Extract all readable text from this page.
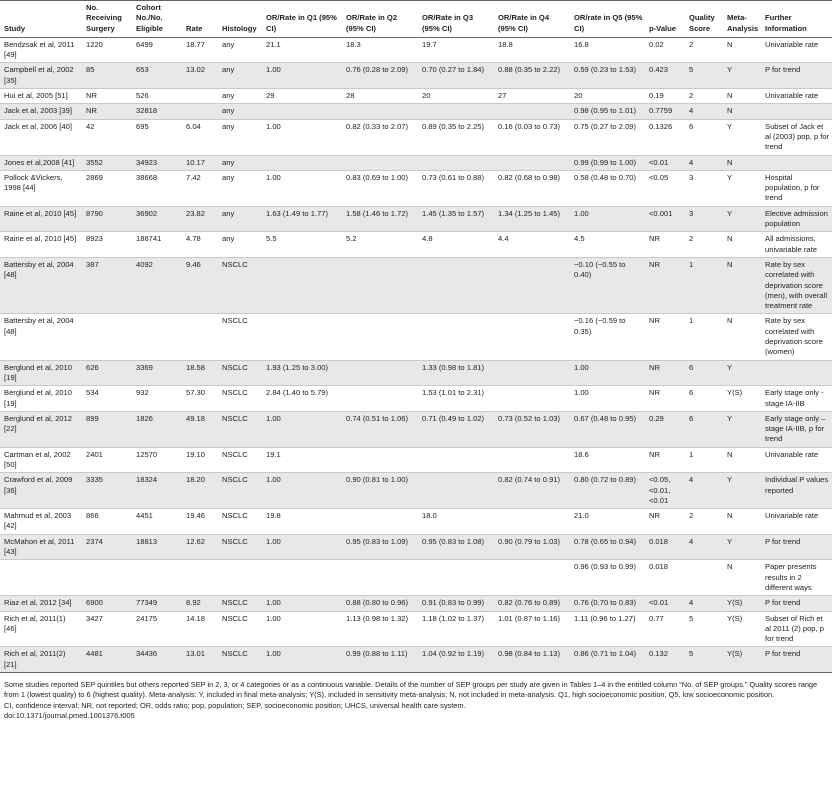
Study	No. Receiving Surgery	Cohort No./No. Eligible	Rate	Histology	OR/Rate in Q1 (95% CI)	OR/Rate in Q2 (95% CI)	OR/Rate in Q3 (95% CI)	OR/Rate in Q4 (95% CI)	OR/rate in Q5 (95% CI)	p-Value	Quality Score	Meta-Analysis	Further Information
Bendzsak et al, 2011 [49]	1220	6499	18.77	any	21.1	18.3	19.7	18.8	16.8	0.02	2	N	Univariable rate
Campbell et al, 2002 [35]	85	653	13.02	any	1.00	0.76 (0.28 to 2.09)	0.70 (0.27 to 1.84)	0.88 (0.35 to 2.22)	0.59 (0.23 to 1.53)	0.423	5	Y	P for trend
Hui et al, 2005 [51]	NR	526		any	29	28	20	27	20	0.19	2	N	Univariable rate
Jack et al, 2003 [39]	NR	32818		any					0.98 (0.95 to 1.01)	0.7759	4	N	
Jack et al, 2006 [40]	42	695	6.04	any	1.00	0.82 (0.33 to 2.07)	0.89 (0.35 to 2.25)	0.16 (0.03 to 0.73)	0.75 (0.27 to 2.09)	0.1326	6	Y	Subset of Jack et al (2003) pop, p for trend
Jones et al,2008 [41]	3552	34923	10.17	any					0.99 (0.99 to 1.00)	<0.01	4	N	
Pollock &Vickers, 1998 [44]	2869	38668	7.42	any	1.00	0.83 (0.69 to 1.00)	0.73 (0.61 to 0.88)	0.82 (0.68 to 0.98)	0.58 (0.48 to 0.70)	<0.05	3	Y	Hospital population, p for trend
Raine et al, 2010 [45]	8790	36902	23.82	any	1.63 (1.49 to 1.77)	1.58 (1.46 to 1.72)	1.45 (1.35 to 1.57)	1.34 (1.25 to 1.45)	1.00	<0.001	3	Y	Elective admission population
Raine et al, 2010 [45]	8923	186741	4.78	any	5.5	5.2	4.8	4.4	4.5	NR	2	N	All admissions, univariable rate
Battersby et al, 2004 [48]	387	4092	9.46	NSCLC					−0.10 (−0.55 to 0.40)	NR	1	N	Rate by sex correlated with deprivation score (men), with overall treatment rate
Battersby et al, 2004 [48]				NSCLC					−0.16 (−0.59 to 0.35)	NR	1	N	Rate by sex correlated with deprivation score (women)
Berglund et al, 2010 [19]	626	3369	18.58	NSCLC	1.93 (1.25 to 3.00)		1.33 (0.98 to 1.81)		1.00	NR	6	Y	
Berglund et al, 2010 [19]	534	932	57.30	NSCLC	2.84 (1.40 to 5.79)		1.53 (1.01 to 2.31)		1.00	NR	6	Y(S)	Early stage only - stage IA-IIB
Berglund et al, 2012 [22]	899	1826	49.18	NSCLC	1.00	0.74 (0.51 to 1.06)	0.71 (0.49 to 1.02)	0.73 (0.52 to 1.03)	0.67 (0.48 to 0.95)	0.29	6	Y	Early stage only – stage IA-IIB, p for trend
Cartman et al, 2002 [50]	2401	12570	19.10	NSCLC	19.1				18.6	NR	1	N	Univariable rate
Crawford et al, 2009 [36]	3335	18324	18.20	NSCLC	1.00	0.90 (0.81 to 1.00)		0.82 (0.74 to 0.91)	0.80 (0.72 to 0.89)	<0.05, <0.01, <0.01	4	Y	Individual P values reported
Mahmud et al, 2003 [42]	866	4451	19.46	NSCLC	19.8		18.0		21.0	NR	2	N	Univariable rate
McMahon et al, 2011 [43]	2374	18813	12.62	NSCLC	1.00	0.95 (0.83 to 1.09)	0.95 (0.83 to 1.08)	0.90 (0.79 to 1.03)	0.78 (0.65 to 0.94)	0.018	4	Y	P for trend
									0.96 (0.93 to 0.99)	0.018		N	Paper presents results in 2 different ways
Riaz et al, 2012 [34]	6900	77349	8.92	NSCLC	1.00	0.88 (0.80 to 0.96)	0.91 (0.83 to 0.99)	0.82 (0.76 to 0.89)	0.76 (0.70 to 0.83)	<0.01	4	Y(S)	P for trend
Rich et al, 2011(1) [46]	3427	24175	14.18	NSCLC	1.00	1.13 (0.98 to 1.32)	1.18 (1.02 to 1.37)	1.01 (0.87 to 1.16)	1.11 (0.96 to 1.27)	0.77	5	Y(S)	Subset of Rich et al 2011 (2) pop, p for trend
Rich et al, 2011(2) [21]	4481	34436	13.01	NSCLC	1.00	0.99 (0.88 to 1.11)	1.04 (0.92 to 1.19)	0.98 (0.84 to 1.13)	0.86 (0.71 to 1.04)	0.132	5	Y(S)	P for trend
Some studies reported SEP quintiles but others reported SEP in 2, 3, or 4 categories or as a continuous variable. Details of the number of SEP groups per study are given in Tables 1–4 in the entitled column “No. of SEP groups.” Quality scores range from 1 (lowest quality) to 6 (highest quality). Meta-analysis: Y, included in final meta-analysis; Y(S), included in sensitivity meta-analysis; N, not included in meta-analysis. Q1, high socioeconomic position, Q5, low socioeconomic position.
CI, confidence interval; NR, not reported; OR, odds ratio; pop, population; SEP, socioeconomic position; UHCS, universal health care system.
doi:10.1371/journal.pmed.1001376.t005
